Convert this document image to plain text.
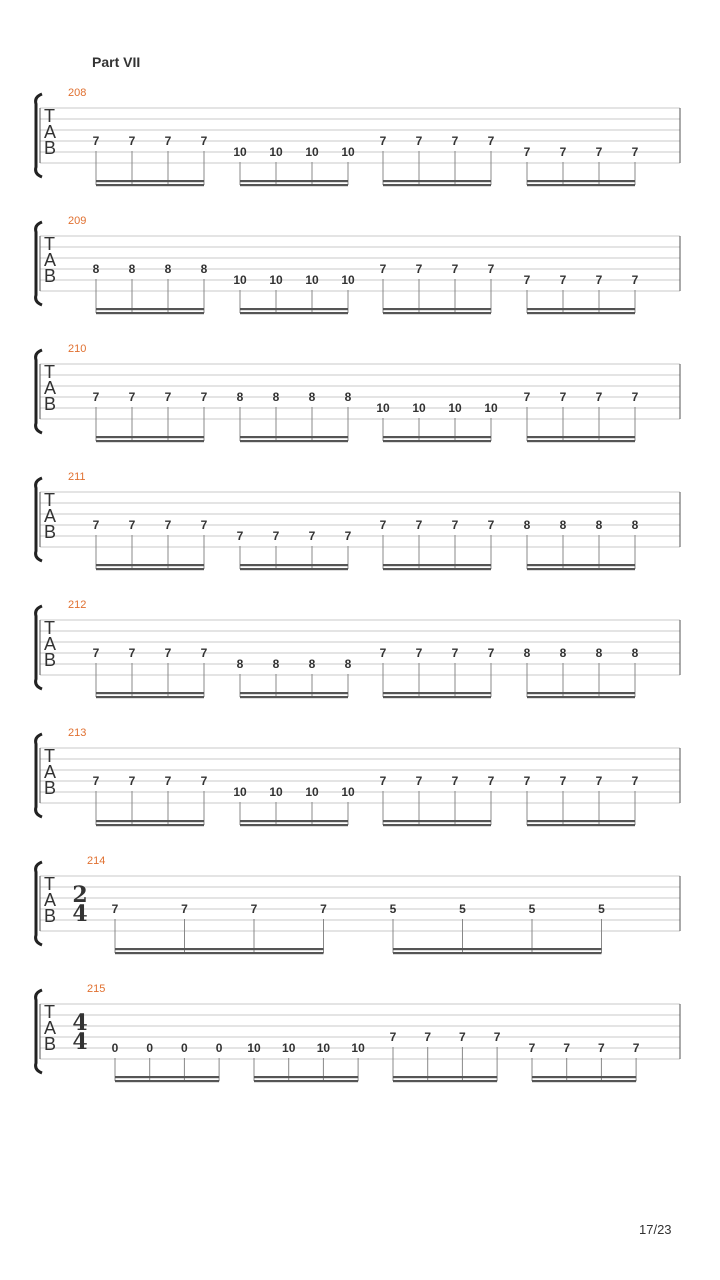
Part VII
T
A
B
208
7 7 7 7
10 10 10 10
7 7 7 7
7 7 7 7
T
A
B
209
8 8 8 8
10 10 10 10
7 7 7 7
7 7 7 7
T
A
B
210
7 7 7 7 8 8 8 8
10 10 10 10
7 7 7 7
T
A
B
211
7 7 7 7
7 7 7 7
7 7 7 7 8 8 8 8
T
A
B
212
7 7 7 7
8 8 8 8
7 7 7 7 8 8 8 8
T
A
B
213
7 7 7 7
10 10 10 10
7 7 7 7 7 7 7 7
T
A
B
214
2
4 7	7	7	7	5	5	5	5
T
A
B
215
4
4 0 0 0 0 10 10 10 10
7 7 7 7
7 7 7 7
17/23
